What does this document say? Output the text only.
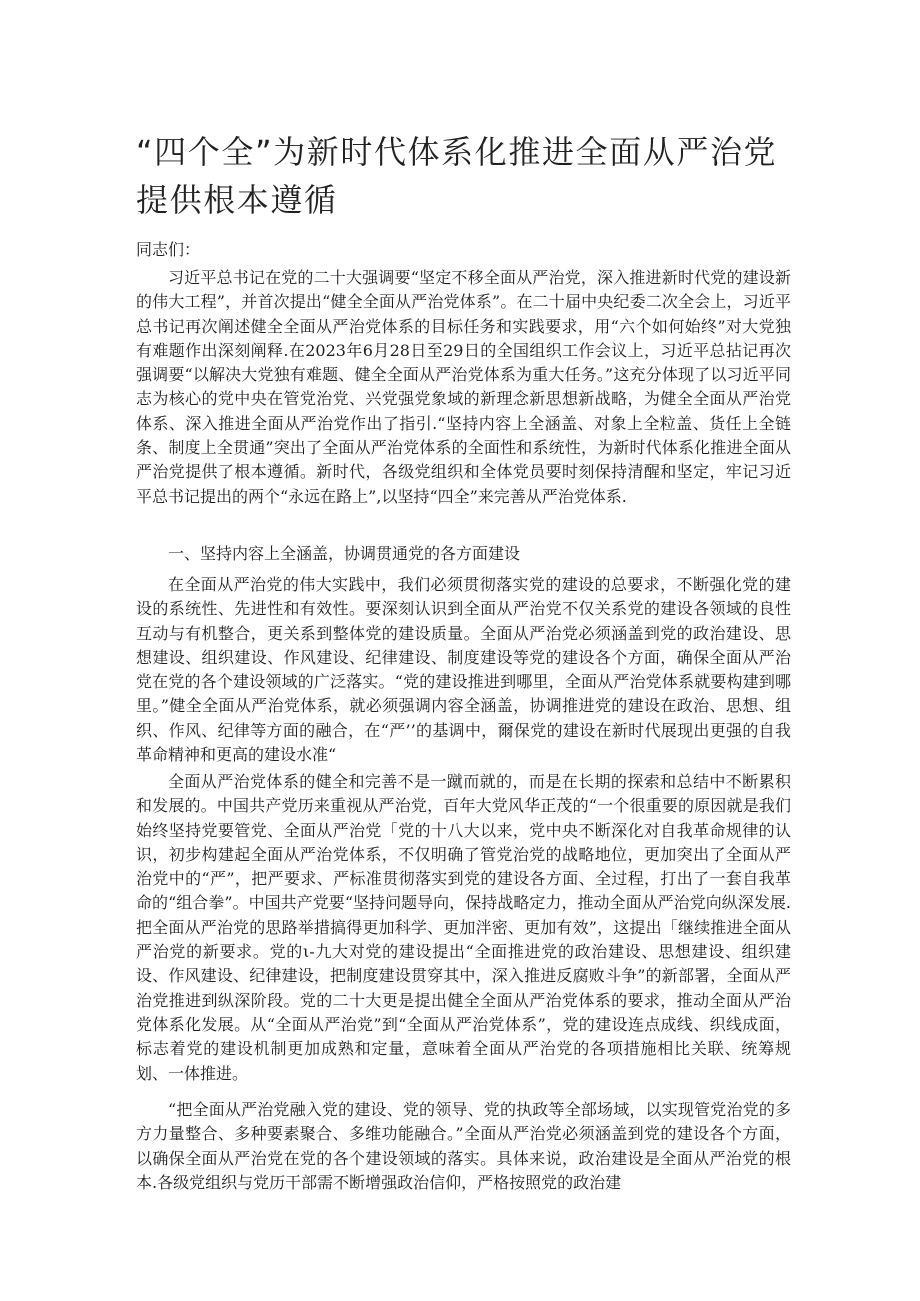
“四个全”为新时代体系化推进全面从严治党提供根本遵循

同志们：

习近平总书记在党的二十大强调要“坚定不移全面从严治党，深入推进新时代党的建设新的伟大工程”，并首次提出“健全全面从严治党体系”。在二十届中央纪委二次全会上，习近平总书记再次阐述健全全面从严治党体系的目标任务和实践要求，用“六个如何始终”对大党独有难题作出深刻阐释.在2023年6月28日至29日的全国组织工作会议上，习近平总拈记再次强调要“以解决大党独有难题、健全全面从严治党体系为重大任务。”这充分体现了以习近平同志为核心的党中央在管党治党、兴党强党象域的新理念新思想新战略，为健全全面从严治党体系、深入推进全面从严治党作出了指引.“坚持内容上全涵盖、对象上全粒盖、货任上全链条、制度上全贯通”突出了全面从严治党体系的全面性和系统性，为新时代体系化推进全面从严治党提供了根本遵循。新时代，各级党组织和全体党员要时刻保持清醒和坚定，牢记习近平总书记提出的两个“永远在路上”,以坚持“四全”来完善从严治党体系.

一、坚持内容上全涵盖，协调贯通党的各方面建设

在全面从严治党的伟大实践中，我们必须贯彻落实党的建设的总要求，不断强化党的建设的系统性、先进性和有效性。要深刻认识到全面从严治党不仅关系党的建设各领域的良性互动与有机整合，更关系到整体党的建设质量。全面从严治党必须涵盖到党的政治建设、思想建设、组织建设、作风建设、纪律建设、制度建设等党的建设各个方面，确保全面从严治党在党的各个建设领域的广泛落实。“党的建设推进到哪里，全面从严治党体系就要构建到哪里。”健全全面从严治党体系，就必须强调内容全涵盖，协调推进党的建设在政治、思想、组织、作风、纪律等方面的融合，在“严’’的基调中，爾保党的建设在新时代展现出更强的自我革命精神和更高的建设水准“

全面从严治党体系的健全和完善不是一蹴而就的，而是在长期的探索和总结中不断累积和发展的。中国共产党历来重视从严治党，百年大党风华正茂的“一个很重要的原因就是我们始终坚持党要管党、全面从严治党「党的十八大以来，党中央不断深化对自我革命规律的认识，初步构建起全面从严治党体系，不仅明确了管党治党的战略地位，更加突出了全面从严治党中的“严”，把严要求、严标准贯彻落实到党的建设各方面、全过程，打出了一套自我革命的“组合拳”。中国共产党要“坚持问题导向，保持战略定力，推动全面从严治党向纵深发展.把全面从严治党的思路举措搞得更加科学、更加泮密、更加有效”，这提出「继续推进全面从严治党的新要求。党的ι-九大对党的建设提出“全面推进党的政治建设、思想建设、组织建设、作风建设、纪律建设，把制度建设贯穿其中，深入推进反腐败斗争”的新部署，全面从严治党推进到纵深阶段。党的二十大更是提出健全全面从严治党体系的要求，推动全面从严治党体系化发展。从“全面从严治党”到“全面从严治党体系”，党的建设连点成线、织线成面，标志着党的建设机制更加成熟和定量，意味着全面从严治党的各项措施相比关联、统筹规划、一体推进。

“把全面从严治党融入党的建设、党的领导、党的执政等全部场域，以实现管党治党的多方力量整合、多种要素聚合、多维功能融合。”全面从严治党必须涵盖到党的建设各个方面，以确保全面从严治党在党的各个建设领域的落实。具体来说，政治建设是全面从严治党的根本.各级党组织与党历干部需不断增强政治信仰，严格按照党的政治建
